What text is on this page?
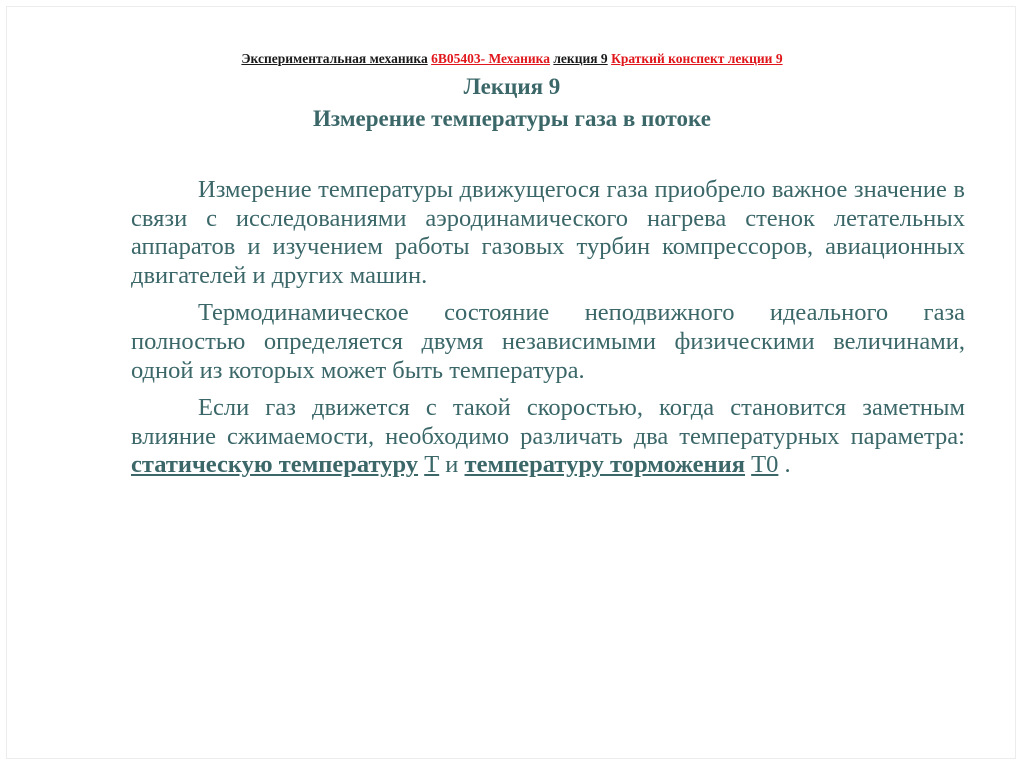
Экспериментальная механика 6B05403- Механика лекция 9 Краткий конспект лекции 9
Лекция 9
Измерение температуры газа в потоке

Измерение температуры движущегося газа приобрело важное значение в связи с исследованиями аэродинамического нагрева стенок летательных аппаратов и изучением работы газовых турбин компрессоров, авиационных двигателей и других машин.

Термодинамическое состояние неподвижного идеального газа полностью определяется двумя независимыми физическими величинами, одной из которых может быть температура.

Если газ движется с такой скоростью, когда становится заметным влияние сжимаемости, необходимо различать два температурных параметра: статическую температуру Т и температуру торможения Т0 .
